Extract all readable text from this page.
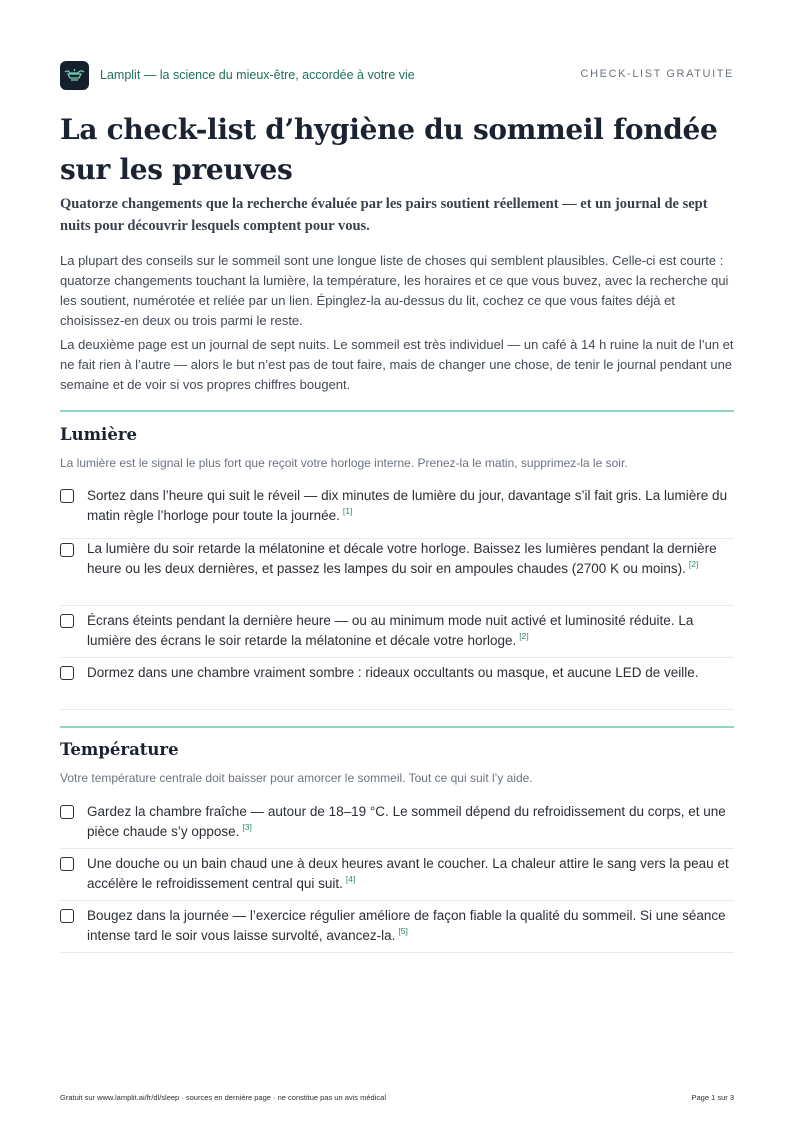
Lamplit — la science du mieux-être, accordée à votre vie	CHECK-LIST GRATUITE
La check-list d’hygiène du sommeil fondée sur les preuves

Quatorze changements que la recherche évaluée par les pairs soutient réellement — et un journal de sept nuits pour découvrir lesquels comptent pour vous.

La plupart des conseils sur le sommeil sont une longue liste de choses qui semblent plausibles. Celle-ci est courte : quatorze changements touchant la lumière, la température, les horaires et ce que vous buvez, avec la recherche qui les soutient, numérotée et reliée par un lien. Épinglez-la au-dessus du lit, cochez ce que vous faites déjà et choisissez-en deux ou trois parmi le reste.

La deuxième page est un journal de sept nuits. Le sommeil est très individuel — un café à 14 h ruine la nuit de l’un et ne fait rien à l’autre — alors le but n’est pas de tout faire, mais de changer une chose, de tenir le journal pendant une semaine et de voir si vos propres chiffres bougent.

Lumière

La lumière est le signal le plus fort que reçoit votre horloge interne. Prenez-la le matin, supprimez-la le soir.

Sortez dans l’heure qui suit le réveil — dix minutes de lumière du jour, davantage s’il fait gris. La lumière du matin règle l’horloge pour toute la journée. [1]

La lumière du soir retarde la mélatonine et décale votre horloge. Baissez les lumières pendant la dernière heure ou les deux dernières, et passez les lampes du soir en ampoules chaudes (2700 K ou moins). [2]

Écrans éteints pendant la dernière heure — ou au minimum mode nuit activé et luminosité réduite. La lumière des écrans le soir retarde la mélatonine et décale votre horloge. [2]

Dormez dans une chambre vraiment sombre : rideaux occultants ou masque, et aucune LED de veille.

Température

Votre température centrale doit baisser pour amorcer le sommeil. Tout ce qui suit l’y aide.

Gardez la chambre fraîche — autour de 18–19 °C. Le sommeil dépend du refroidissement du corps, et une pièce chaude s’y oppose. [3]

Une douche ou un bain chaud une à deux heures avant le coucher. La chaleur attire le sang vers la peau et accélère le refroidissement central qui suit. [4]

Bougez dans la journée — l’exercice régulier améliore de façon fiable la qualité du sommeil. Si une séance intense tard le soir vous laisse survolté, avancez-la. [5]

Gratuit sur www.lamplit.ai/fr/dl/sleep · sources en dernière page · ne constitue pas un avis médical	Page 1 sur 3
